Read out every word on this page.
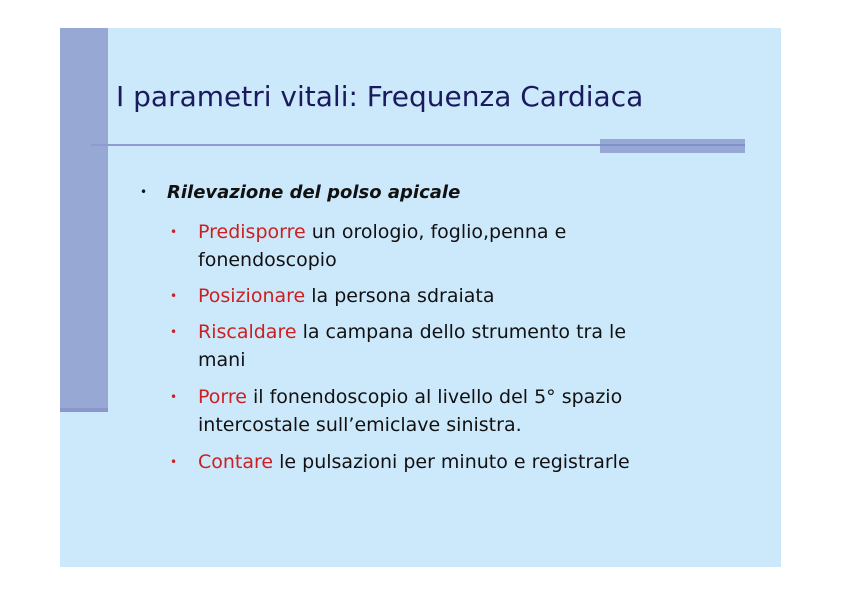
I parametri vitali: Frequenza Cardiaca
• Rilevazione del polso apicale
• Predisporre un orologio, foglio,penna e
fonendoscopio
• Posizionare la persona sdraiata
• Riscaldare la campana dello strumento tra le
mani
• Porre il fonendoscopio al livello del 5° spazio
intercostale sull’emiclave sinistra.
• Contare le pulsazioni per minuto e registrarle
